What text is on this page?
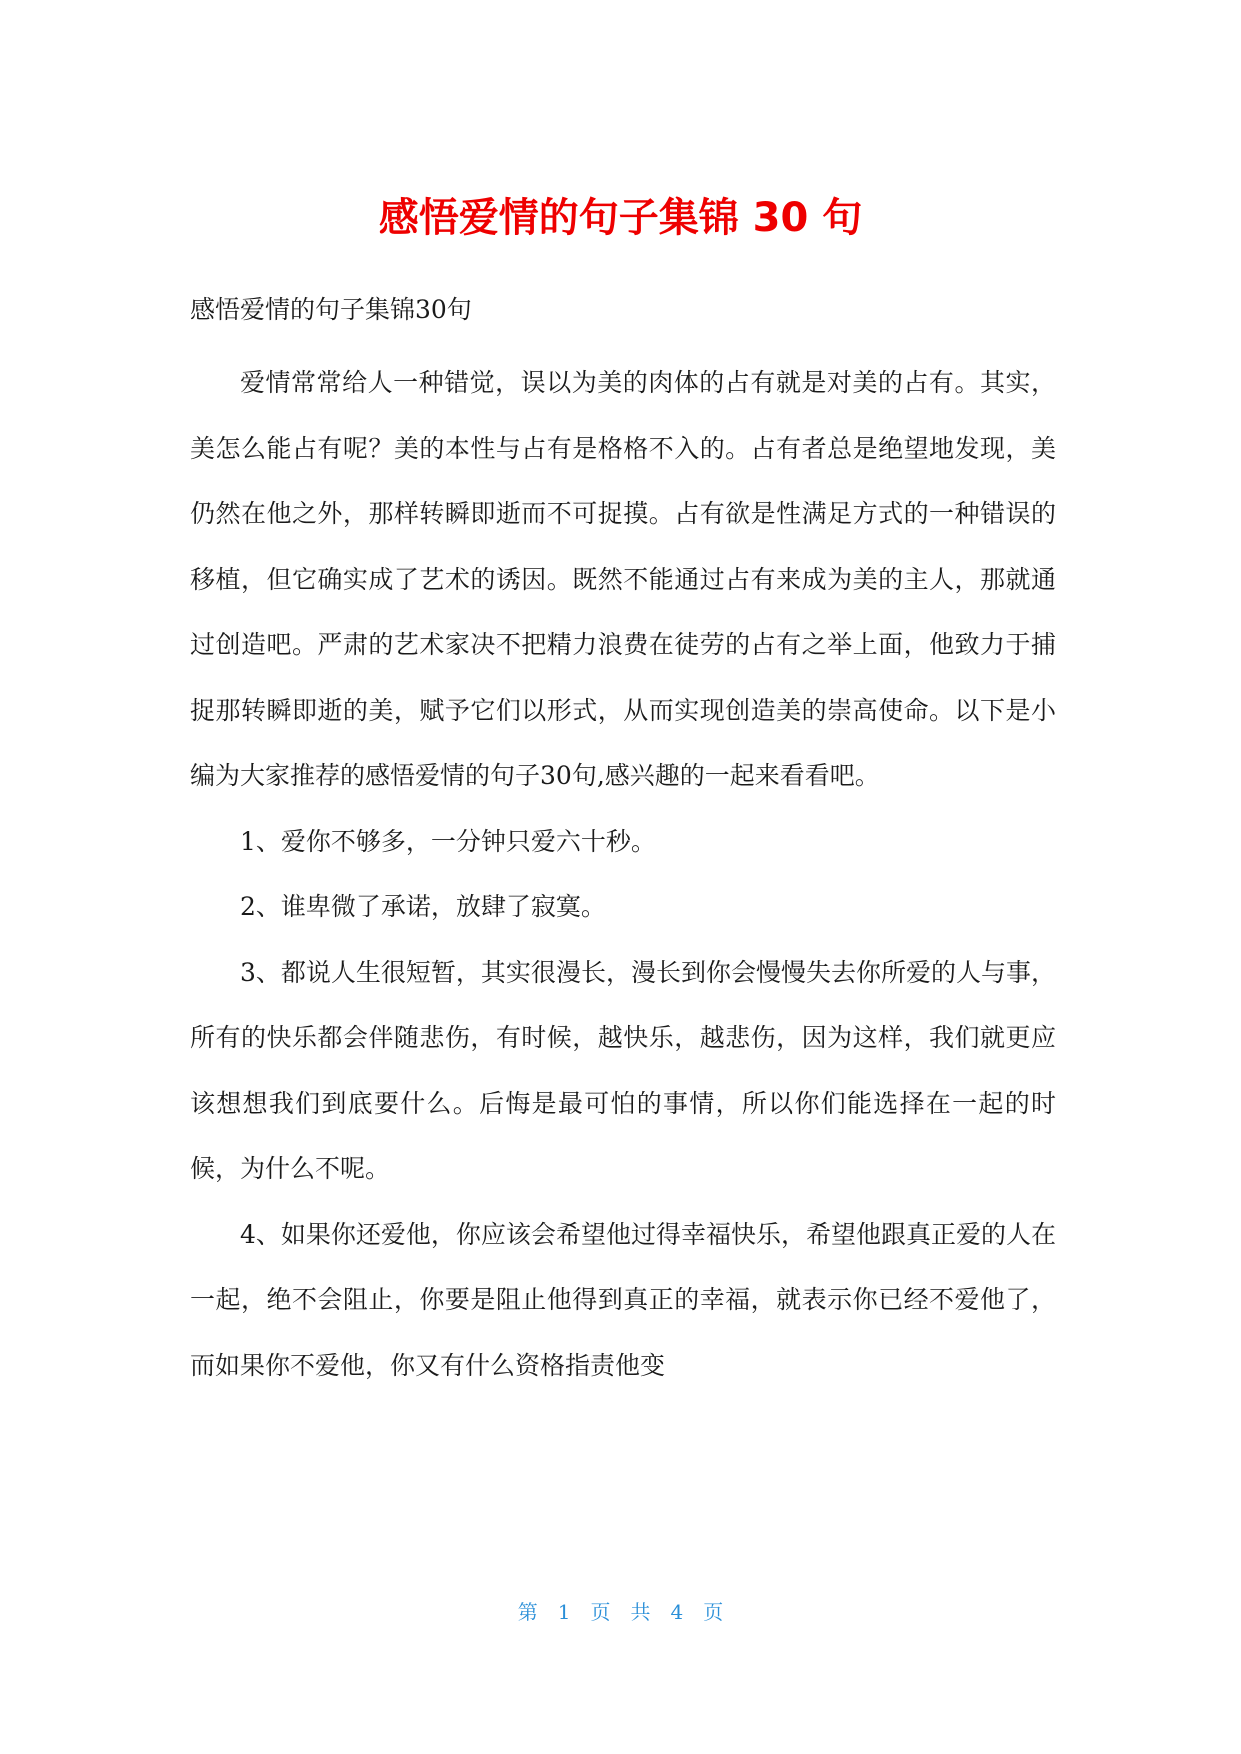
感悟爱情的句子集锦 30 句
感悟爱情的句子集锦30句

爱情常常给人一种错觉，误以为美的肉体的占有就是对美的占有。其实，美怎么能占有呢？美的本性与占有是格格不入的。占有者总是绝望地发现，美仍然在他之外，那样转瞬即逝而不可捉摸。占有欲是性满足方式的一种错误的移植，但它确实成了艺术的诱因。既然不能通过占有来成为美的主人，那就通过创造吧。严肃的艺术家决不把精力浪费在徒劳的占有之举上面，他致力于捕捉那转瞬即逝的美，赋予它们以形式，从而实现创造美的崇高使命。以下是小编为大家推荐的感悟爱情的句子30句,感兴趣的一起来看看吧。

1、爱你不够多，一分钟只爱六十秒。

2、谁卑微了承诺，放肆了寂寞。

3、都说人生很短暂，其实很漫长，漫长到你会慢慢失去你所爱的人与事，所有的快乐都会伴随悲伤，有时候，越快乐，越悲伤，因为这样，我们就更应该想想我们到底要什么。后悔是最可怕的事情，所以你们能选择在一起的时候，为什么不呢。

4、如果你还爱他，你应该会希望他过得幸福快乐，希望他跟真正爱的人在一起，绝不会阻止，你要是阻止他得到真正的幸福，就表示你已经不爱他了，而如果你不爱他，你又有什么资格指责他变

第 1 页 共 4 页
